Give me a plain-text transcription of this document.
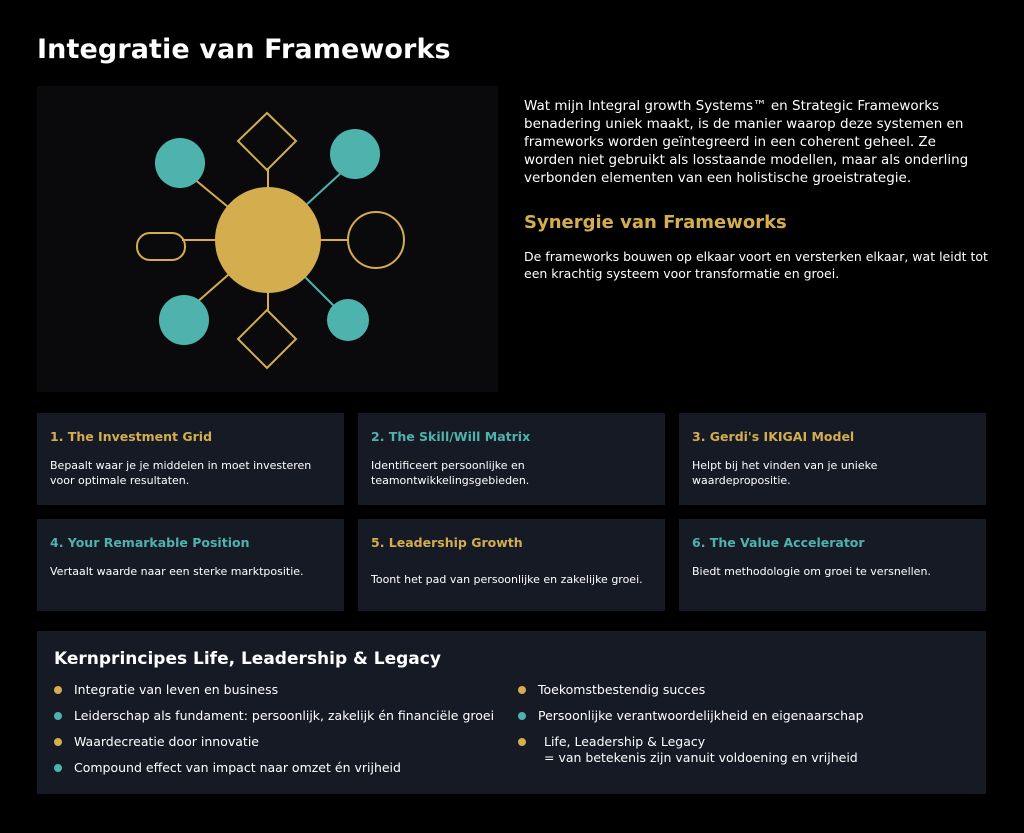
Integratie van Frameworks

Wat mijn Integral growth Systems™ en Strategic Frameworks benadering uniek maakt, is de manier waarop deze systemen en frameworks worden geïntegreerd in een coherent geheel. Ze worden niet gebruikt als losstaande modellen, maar als onderling verbonden elementen van een holistische groeistrategie.

Synergie van Frameworks

De frameworks bouwen op elkaar voort en versterken elkaar, wat leidt tot een krachtig systeem voor transformatie en groei.

1. The Investment Grid
Bepaalt waar je je middelen in moet investeren voor optimale resultaten.
2. The Skill/Will Matrix
Identificeert persoonlijke en teamontwikkelingsgebieden.
3. Gerdi's IKIGAI Model
Helpt bij het vinden van je unieke waardepropositie.
4. Your Remarkable Position
Vertaalt waarde naar een sterke marktpositie.
5. Leadership Growth
Toont het pad van persoonlijke en zakelijke groei.
6. The Value Accelerator
Biedt methodologie om groei te versnellen.
Kernprincipes Life, Leadership & Legacy
Integratie van leven en business
Leiderschap als fundament: persoonlijk, zakelijk én financiële groei
Waardecreatie door innovatie
Compound effect van impact naar omzet én vrijheid
Toekomstbestendig succes
Persoonlijke verantwoordelijkheid en eigenaarschap
Life, Leadership & Legacy
= van betekenis zijn vanuit voldoening en vrijheid
